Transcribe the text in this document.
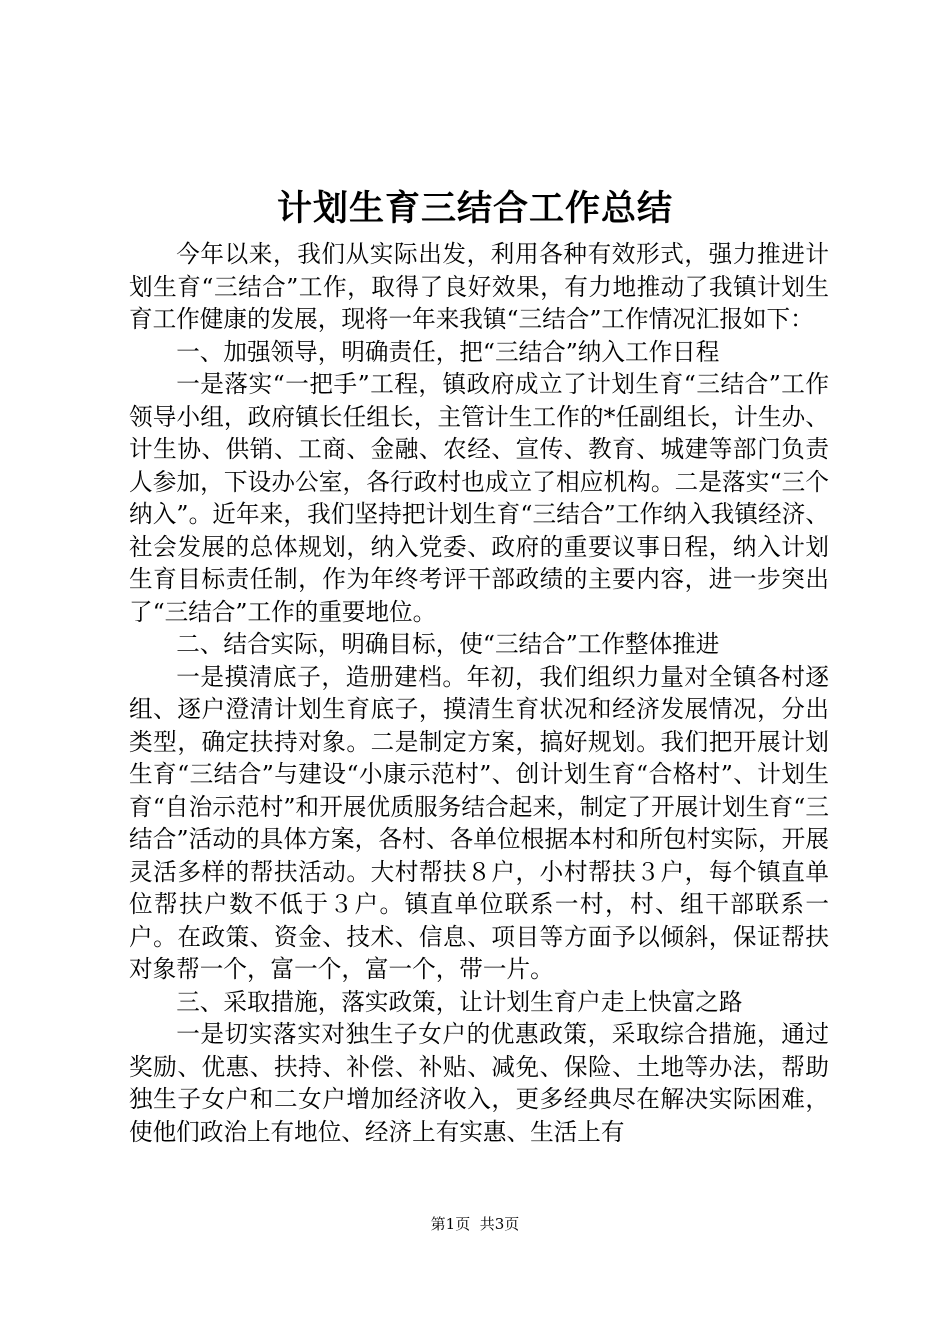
计划生育三结合工作总结

今年以来，我们从实际出发，利用各种有效形式，强力推进计划生育“三结合”工作，取得了良好效果，有力地推动了我镇计划生育工作健康的发展，现将一年来我镇“三结合”工作情况汇报如下：

一、加强领导，明确责任，把“三结合”纳入工作日程

一是落实“一把手”工程，镇政府成立了计划生育“三结合”工作领导小组，政府镇长任组长，主管计生工作的*任副组长，计生办、计生协、供销、工商、金融、农经、宣传、教育、城建等部门负责人参加，下设办公室，各行政村也成立了相应机构。二是落实“三个纳入”。近年来，我们坚持把计划生育“三结合”工作纳入我镇经济、社会发展的总体规划，纳入党委、政府的重要议事日程，纳入计划生育目标责任制，作为年终考评干部政绩的主要内容，进一步突出了“三结合”工作的重要地位。

二、结合实际，明确目标，使“三结合”工作整体推进

一是摸清底子，造册建档。年初，我们组织力量对全镇各村逐组、逐户澄清计划生育底子，摸清生育状况和经济发展情况，分出类型，确定扶持对象。二是制定方案，搞好规划。我们把开展计划生育“三结合”与建设“小康示范村”、创计划生育“合格村”、计划生育“自治示范村”和开展优质服务结合起来，制定了开展计划生育“三结合”活动的具体方案，各村、各单位根据本村和所包村实际，开展灵活多样的帮扶活动。大村帮扶８户，小村帮扶３户，每个镇直单位帮扶户数不低于３户。镇直单位联系一村，村、组干部联系一户。在政策、资金、技术、信息、项目等方面予以倾斜，保证帮扶对象帮一个，富一个，富一个，带一片。

三、采取措施，落实政策，让计划生育户走上快富之路

一是切实落实对独生子女户的优惠政策，采取综合措施，通过奖励、优惠、扶持、补偿、补贴、减免、保险、土地等办法，帮助独生子女户和二女户增加经济收入，更多经典尽在解决实际困难，使他们政治上有地位、经济上有实惠、生活上有

第1页 共3页
